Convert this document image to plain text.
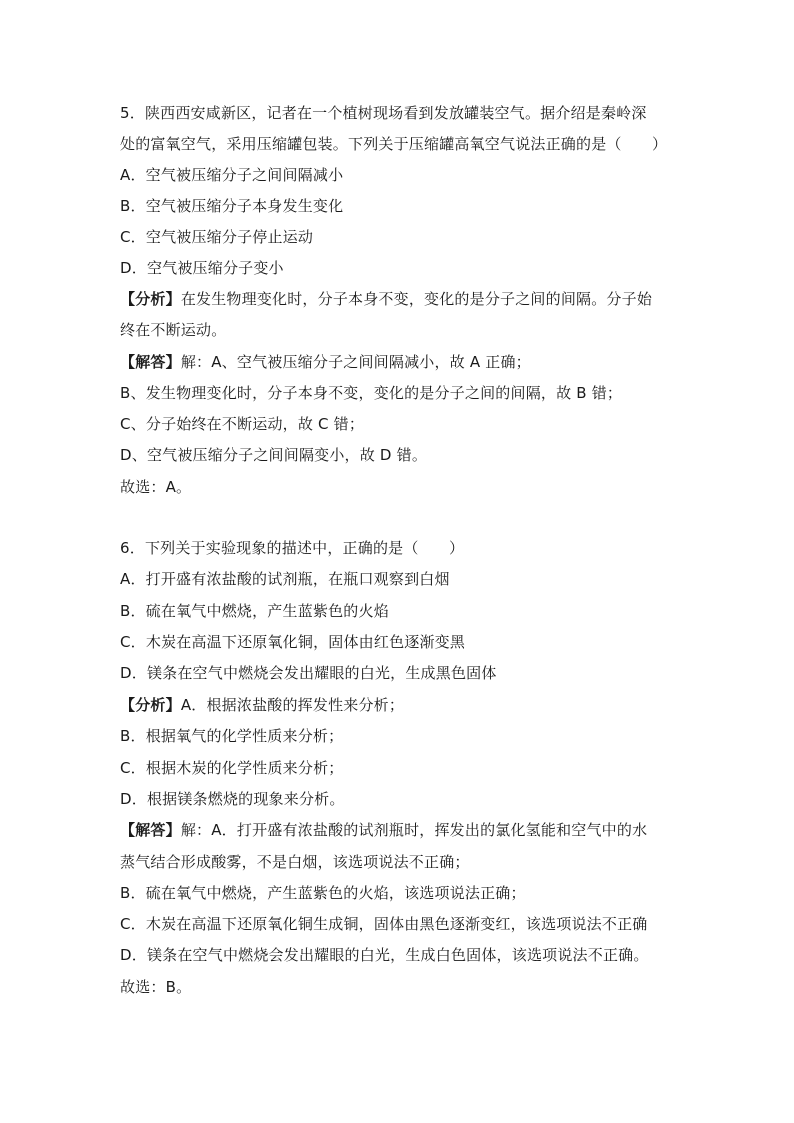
5．陕西西安咸新区，记者在一个植树现场看到发放罐装空气。据介绍是秦岭深
处的富氧空气，采用压缩罐包装。下列关于压缩罐高氧空气说法正确的是（　　）
A．空气被压缩分子之间间隔减小
B．空气被压缩分子本身发生变化
C．空气被压缩分子停止运动
D．空气被压缩分子变小
【分析】在发生物理变化时，分子本身不变，变化的是分子之间的间隔。分子始
终在不断运动。
【解答】解：A、空气被压缩分子之间间隔减小，故 A 正确；
B、发生物理变化时，分子本身不变，变化的是分子之间的间隔，故 B 错；
C、分子始终在不断运动，故 C 错；
D、空气被压缩分子之间间隔变小，故 D 错。
故选：A。
6．下列关于实验现象的描述中，正确的是（　　）
A．打开盛有浓盐酸的试剂瓶，在瓶口观察到白烟
B．硫在氧气中燃烧，产生蓝紫色的火焰
C．木炭在高温下还原氧化铜，固体由红色逐渐变黑
D．镁条在空气中燃烧会发出耀眼的白光，生成黑色固体
【分析】A．根据浓盐酸的挥发性来分析；
B．根据氧气的化学性质来分析；
C．根据木炭的化学性质来分析；
D．根据镁条燃烧的现象来分析。
【解答】解：A．打开盛有浓盐酸的试剂瓶时，挥发出的氯化氢能和空气中的水
蒸气结合形成酸雾，不是白烟，该选项说法不正确；
B．硫在氧气中燃烧，产生蓝紫色的火焰，该选项说法正确；
C．木炭在高温下还原氧化铜生成铜，固体由黑色逐渐变红，该选项说法不正确
D．镁条在空气中燃烧会发出耀眼的白光，生成白色固体，该选项说法不正确。
故选：B。
